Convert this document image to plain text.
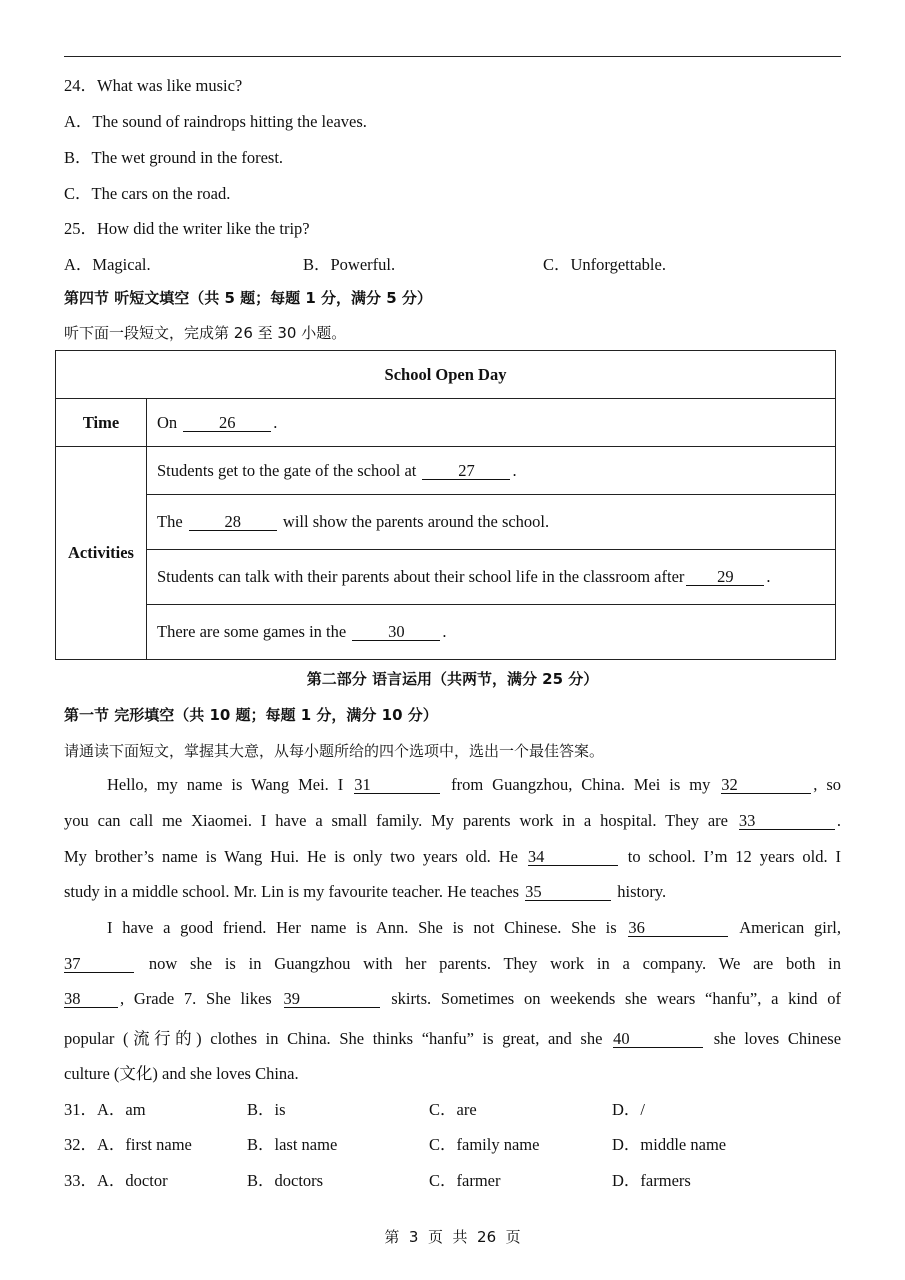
24．What was like music?
A．The sound of raindrops hitting the leaves.
B．The wet ground in the forest.
C．The cars on the road.
25．How did the writer like the trip?
A．Magical.	B．Powerful.	C．Unforgettable.
第四节 听短文填空（共 5 题；每题 1 分，满分 5 分）
听下面一段短文，完成第 26 至 30 小题。
School Open Day	
Time	On 26 .
Activities	Students get to the gate of the school at 27 .
	The 28 will show the parents around the school.
	Students can talk with their parents about their school life in the classroom after 29 .
	There are some games in the 30 .
第二部分 语言运用（共两节，满分 25 分）
第一节 完形填空（共 10 题；每题 1 分，满分 10 分）
请通读下面短文，掌握其大意，从每小题所给的四个选项中，选出一个最佳答案。
Hello, my name is Wang Mei. I 31	from Guangzhou, China. Mei is my 32	, so
you can call me Xiaomei. I have a small family. My parents work in a hospital. They are 33	.
My brother’s name is Wang Hui. He is only two years old. He 34	to school. I’m 12 years old. I
study in a middle school. Mr. Lin is my favourite teacher. He teaches 35	history.
I have a good friend. Her name is Ann. She is not Chinese. She is 36	American girl,
37	now she is in Guangzhou with her parents. They work in a company. We are both in
38 , Grade 7. She likes 39	skirts. Sometimes on weekends she wears “hanfu”, a kind of
popular (流行的) clothes in China. She thinks “hanfu” is great, and she 40	she loves Chinese
culture (文化) and she loves China.
31．A．am	B．is	C．are	D．/
32．A．first name	B．last name	C．family name	D．middle name
33．A．doctor	B．doctors	C．farmer	D．farmers
第  3  页  共  26  页
